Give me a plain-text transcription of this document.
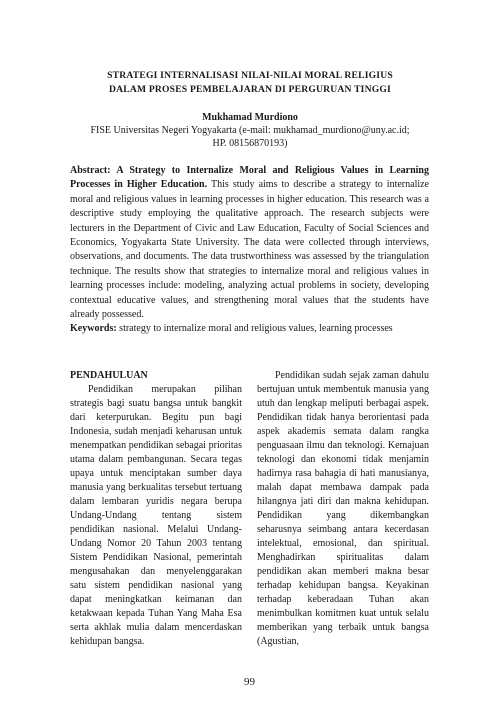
STRATEGI INTERNALISASI NILAI-NILAI MORAL RELIGIUS
DALAM PROSES PEMBELAJARAN DI PERGURUAN TINGGI
Mukhamad Murdiono
FISE Universitas Negeri Yogyakarta (e-mail: mukhamad_murdiono@uny.ac.id;
HP. 08156870193)
Abstract: A Strategy to Internalize Moral and Religious Values in Learning Processes in Higher Education. This study aims to describe a strategy to internalize moral and religious values in learning processes in higher education. This research was a descriptive study employing the qualitative approach. The research subjects were lecturers in the Department of Civic and Law Education, Faculty of Social Sciences and Economics, Yogyakarta State University. The data were collected through interviews, observations, and documents. The data trustworthiness was assessed by the triangulation technique. The results show that strategies to internalize moral and religious values in learning processes include: modeling, analyzing actual problems in society, developing contextual educative values, and strengthening moral values that the students have already possessed.
Keywords: strategy to internalize moral and religious values, learning processes
PENDAHULUAN

Pendidikan merupakan pilihan strategis bagi suatu bangsa untuk bangkit dari keterpurukan. Begitu pun bagi Indonesia, sudah menjadi keharusan untuk menempatkan pendidikan sebagai prioritas utama dalam pembangunan. Secara tegas upaya untuk menciptakan sumber daya manusia yang berkualitas tersebut tertuang dalam lembaran yuridis negara berupa Undang-Undang tentang sistem pendidikan nasional. Melalui Undang-Undang Nomor 20 Tahun 2003 tentang Sistem Pendidikan Nasional, pemerintah mengusahakan dan menyelenggarakan satu sistem pendidikan nasional yang dapat meningkatkan keimanan dan ketakwaan kepada Tuhan Yang Maha Esa serta akhlak mulia dalam mencerdaskan kehidupan bangsa.

Pendidikan sudah sejak zaman dahulu bertujuan untuk membentuk manusia yang utuh dan lengkap meliputi berbagai aspek. Pendidikan tidak hanya berorientasi pada aspek akademis semata dalam rangka penguasaan ilmu dan teknologi. Kemajuan teknologi dan ekonomi tidak menjamin hadirnya rasa bahagia di hati manusianya, malah dapat membawa dampak pada hilangnya jati diri dan makna kehidupan. Pendidikan yang dikembangkan seharusnya seimbang antara kecerdasan intelektual, emosional, dan spiritual. Menghadirkan spiritualitas dalam pendidikan akan memberi makna besar terhadap kehidupan bangsa. Keyakinan terhadap keberadaan Tuhan akan menimbulkan komitmen kuat untuk selalu memberikan yang terbaik untuk bangsa (Agustian,

99
